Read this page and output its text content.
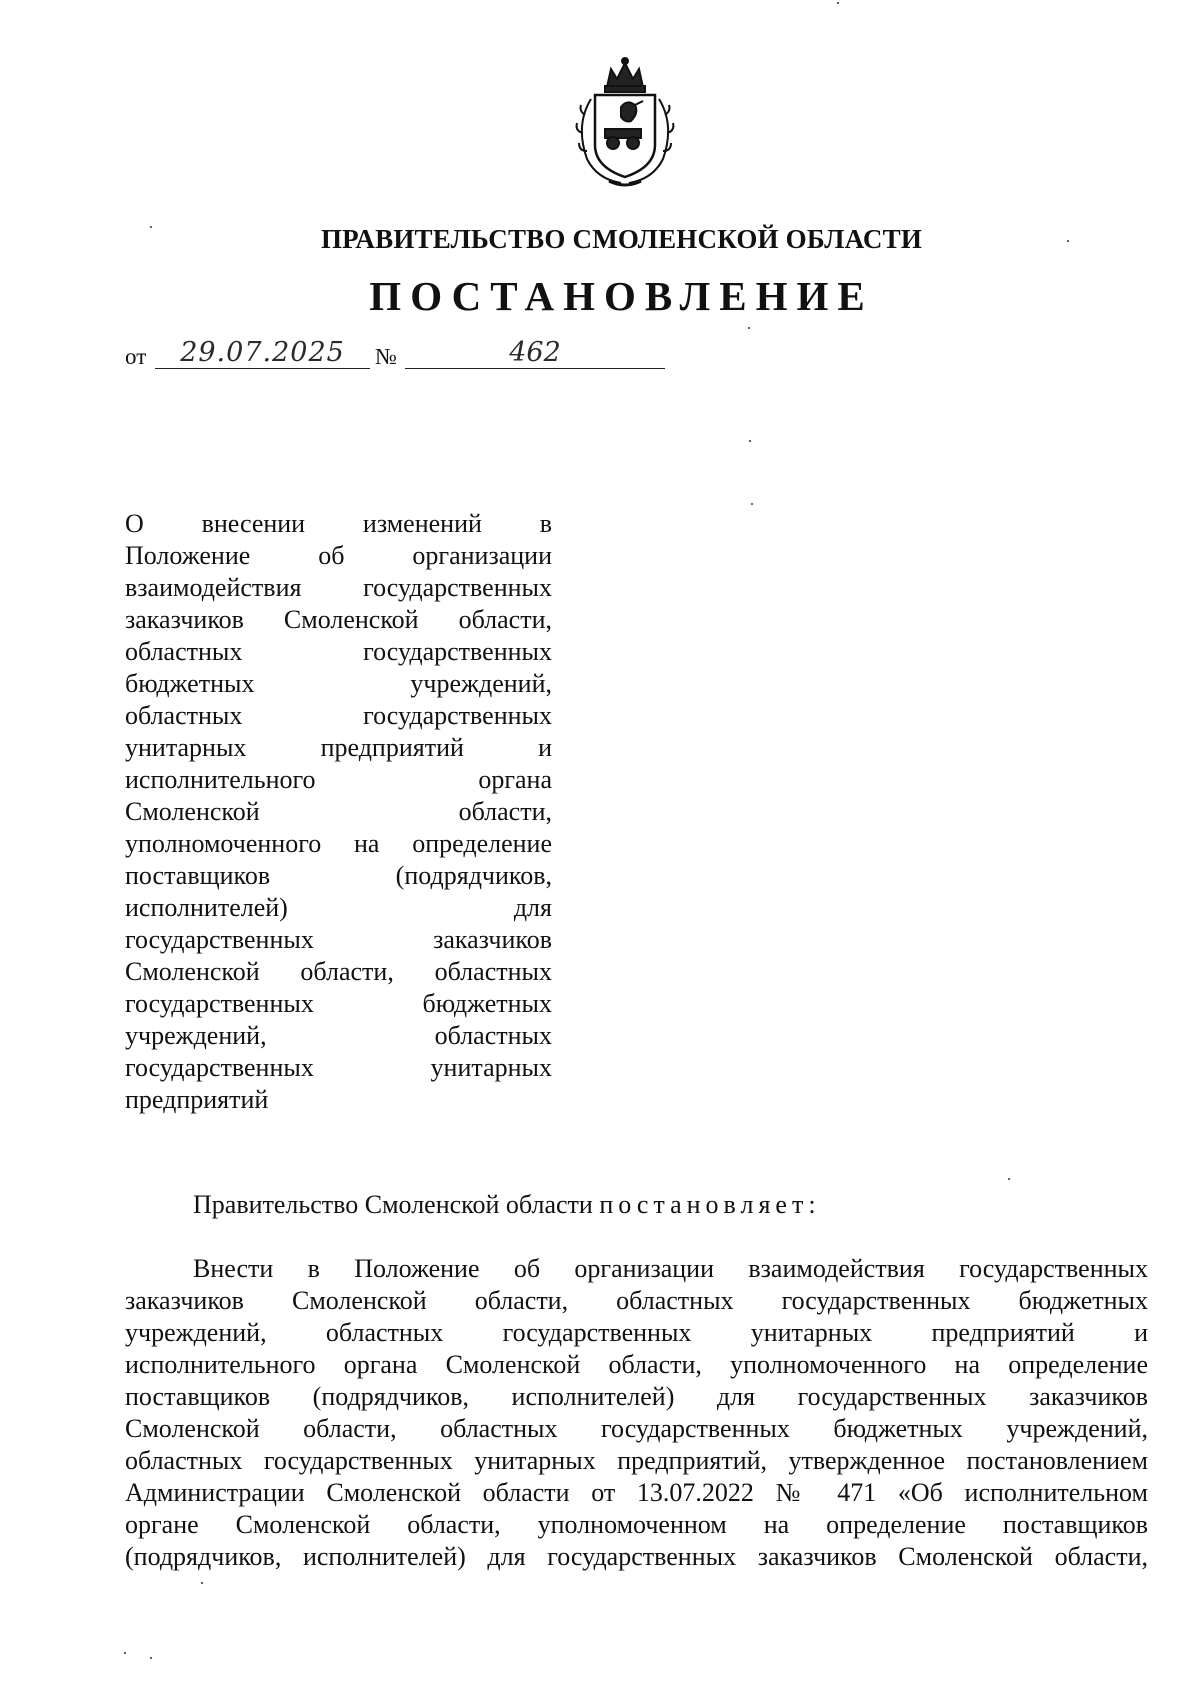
ПРАВИТЕЛЬСТВО СМОЛЕНСКОЙ ОБЛАСТИ
ПОСТАНОВЛЕНИЕ
от	29.07.2025	№	462
О внесении изменений в
Положение об организации
взаимодействия государственных
заказчиков Смоленской области,
областных государственных
бюджетных учреждений,
областных государственных
унитарных предприятий и
исполнительного органа
Смоленской области,
уполномоченного на определение
поставщиков (подрядчиков,
исполнителей) для
государственных заказчиков
Смоленской области, областных
государственных бюджетных
учреждений, областных
государственных унитарных
предприятий
Правительство Смоленской области постановляет:
Внести в Положение об организации взаимодействия государственных
заказчиков Смоленской области, областных государственных бюджетных
учреждений, областных государственных унитарных предприятий и
исполнительного органа Смоленской области, уполномоченного на определение
поставщиков (подрядчиков, исполнителей) для государственных заказчиков
Смоленской области, областных государственных бюджетных учреждений,
областных государственных унитарных предприятий, утвержденное постановлением
Администрации Смоленской области от 13.07.2022 № 471 «Об исполнительном
органе Смоленской области, уполномоченном на определение поставщиков
(подрядчиков, исполнителей) для государственных заказчиков Смоленской области,
